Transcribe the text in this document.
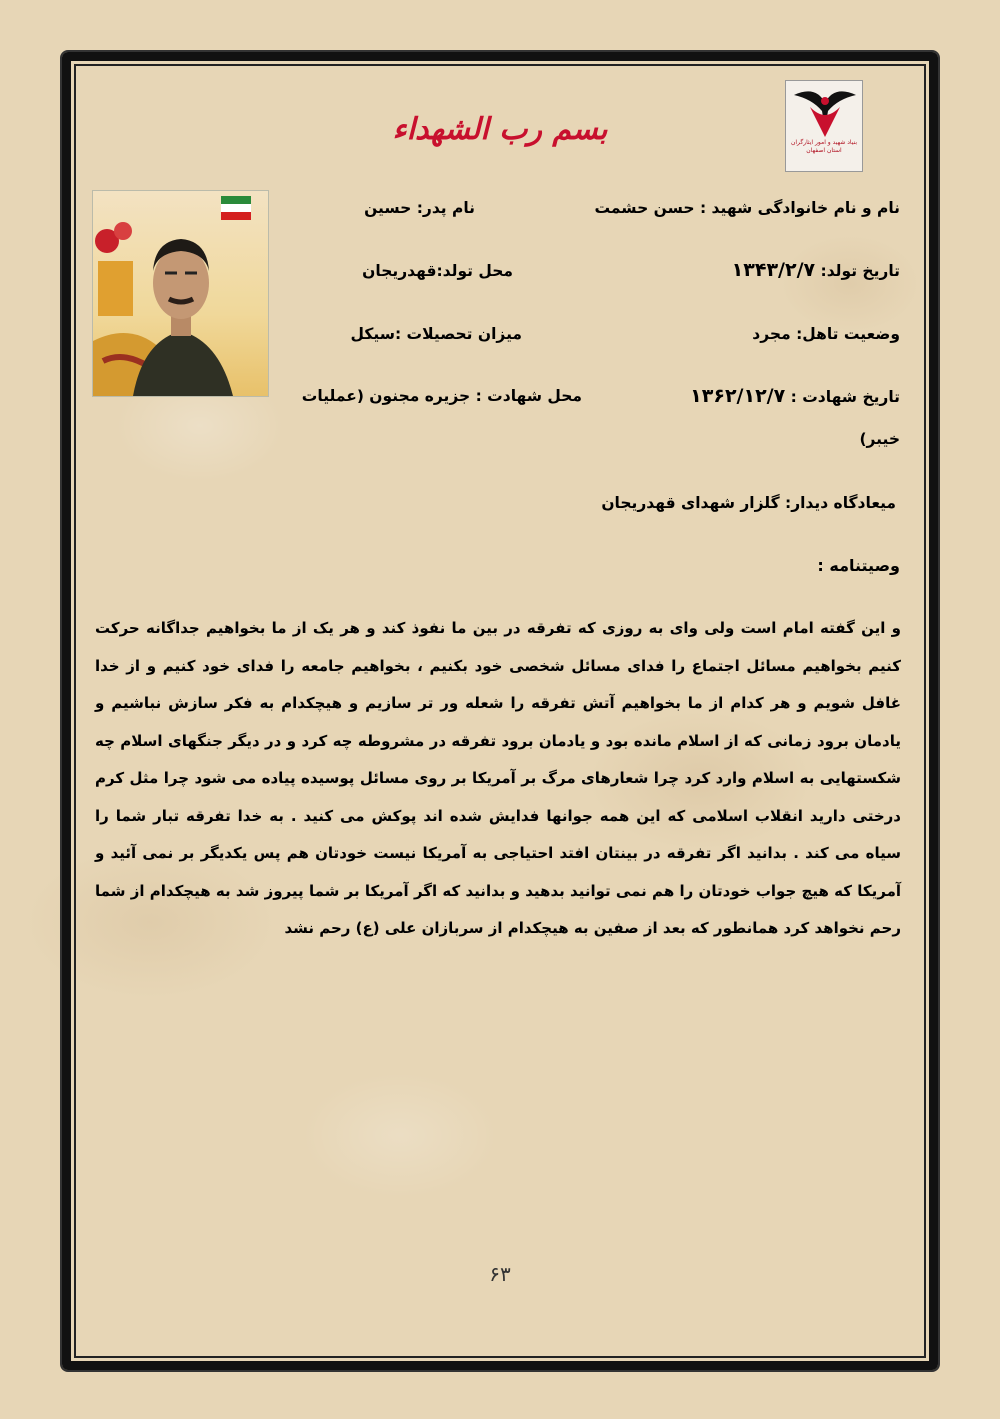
بنیاد شهید و امور ایثارگران استان اصفهان
بسم رب الشهداء
نام و نام خانوادگی شهید : حسن حشمت
نام پدر: حسین
تاریخ تولد: ۱۳۴۳/۲/۷
محل تولد:قهدریجان
وضعیت تاهل: مجرد
میزان تحصیلات :سیکل
تاریخ شهادت : ۱۳۶۲/۱۲/۷
محل شهادت : جزیره مجنون (عملیات
خیبر)
میعادگاه دیدار: گلزار شهدای قهدریجان
وصیتنامه :
و این گفته امام است ولی وای به روزی که تفرقه در بین ما نفوذ کند و هر یک از ما بخواهیم جداگانه حرکت کنیم بخواهیم مسائل اجتماع را فدای مسائل شخصی خود بکنیم ، بخواهیم جامعه را فدای خود کنیم و از خدا غافل شویم و هر کدام از ما بخواهیم آتش تفرقه را شعله ور تر سازیم و هیچکدام به فکر سازش نباشیم و یادمان برود زمانی که از اسلام مانده بود و یادمان برود تفرقه در مشروطه چه کرد و در دیگر جنگهای اسلام چه شکستهایی به اسلام وارد کرد چرا شعارهای مرگ بر آمریکا بر روی مسائل پوسیده پیاده می شود چرا مثل کرم درختی دارید انقلاب اسلامی که این همه جوانها فدایش شده اند پوکش می کنید . به خدا تفرقه تبار شما را سیاه می کند . بدانید اگر تفرقه در بینتان افتد احتیاجی به آمریکا نیست خودتان هم پس یکدیگر بر نمی آئید و آمریکا که هیچ جواب خودتان را هم نمی توانید بدهید و بدانید که اگر آمریکا بر شما پیروز شد به هیچکدام از شما رحم نخواهد کرد همانطور که بعد از صفین به هیچکدام از سربازان علی (ع) رحم نشد
۶۳
